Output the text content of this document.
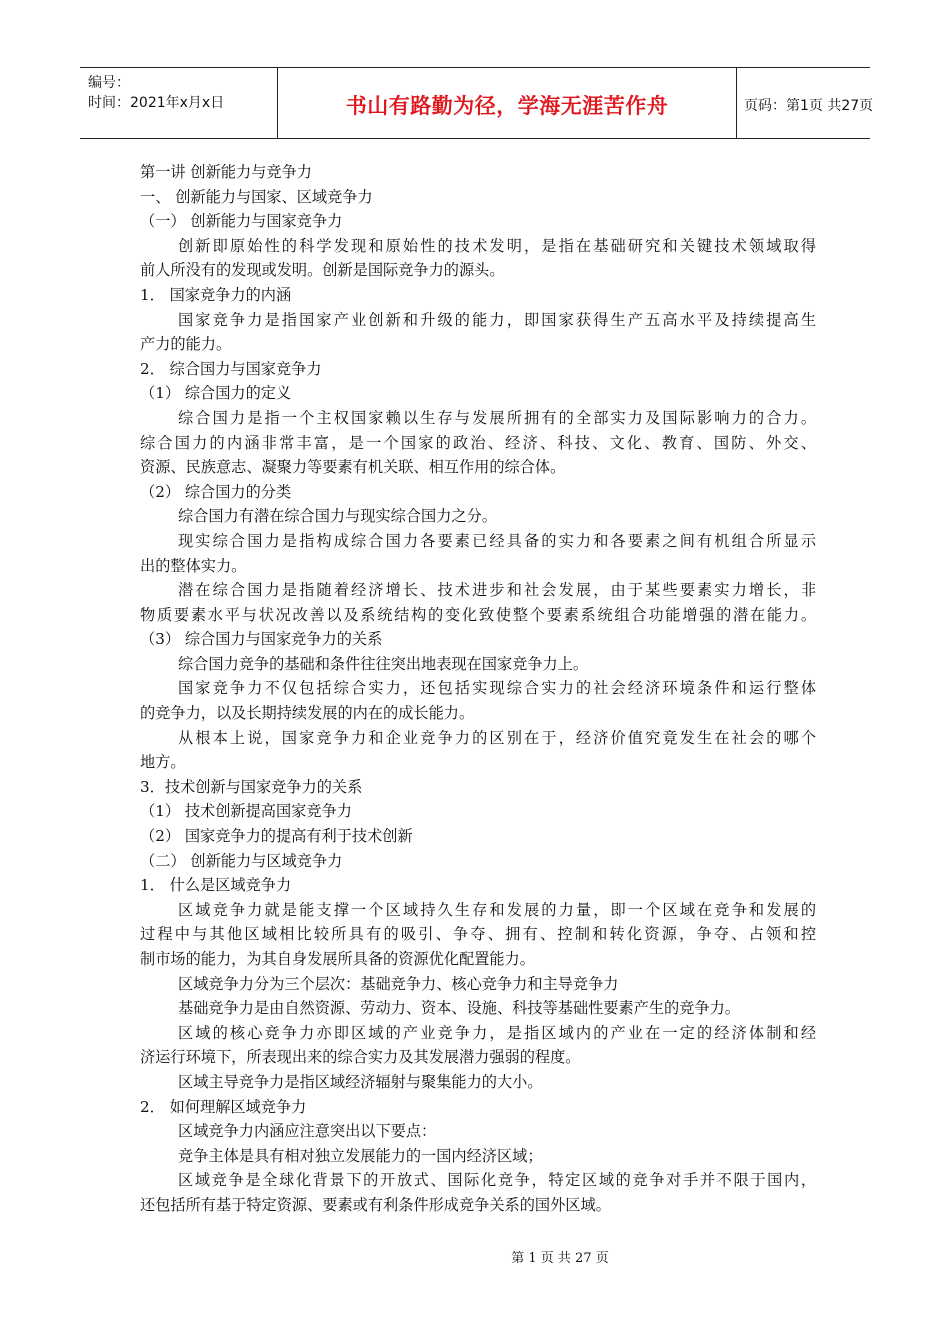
编号：
时间：2021年x月x日	书山有路勤为径，学海无涯苦作舟	页码：第1页 共27页
第一讲 创新能力与竞争力
一、 创新能力与国家、区域竞争力
（一） 创新能力与国家竞争力
创新即原始性的科学发现和原始性的技术发明，是指在基础研究和关键技术领域取得
前人所没有的发现或发明。创新是国际竞争力的源头。
1． 国家竞争力的内涵
国家竞争力是指国家产业创新和升级的能力，即国家获得生产五高水平及持续提高生
产力的能力。
2． 综合国力与国家竞争力
（1） 综合国力的定义
综合国力是指一个主权国家赖以生存与发展所拥有的全部实力及国际影响力的合力。
综合国力的内涵非常丰富，是一个国家的政治、经济、科技、文化、教育、国防、外交、
资源、民族意志、凝聚力等要素有机关联、相互作用的综合体。
（2） 综合国力的分类
综合国力有潜在综合国力与现实综合国力之分。
现实综合国力是指构成综合国力各要素已经具备的实力和各要素之间有机组合所显示
出的整体实力。
潜在综合国力是指随着经济增长、技术进步和社会发展，由于某些要素实力增长，非
物质要素水平与状况改善以及系统结构的变化致使整个要素系统组合功能增强的潜在能力。
（3） 综合国力与国家竞争力的关系
综合国力竞争的基础和条件往往突出地表现在国家竞争力上。
国家竞争力不仅包括综合实力，还包括实现综合实力的社会经济环境条件和运行整体
的竞争力，以及长期持续发展的内在的成长能力。
从根本上说，国家竞争力和企业竞争力的区别在于，经济价值究竟发生在社会的哪个
地方。
3．技术创新与国家竞争力的关系
（1） 技术创新提高国家竞争力
（2） 国家竞争力的提高有利于技术创新
（二） 创新能力与区域竞争力
1． 什么是区域竞争力
区域竞争力就是能支撑一个区域持久生存和发展的力量，即一个区域在竞争和发展的
过程中与其他区域相比较所具有的吸引、争夺、拥有、控制和转化资源，争夺、占领和控
制市场的能力，为其自身发展所具备的资源优化配置能力。
区域竞争力分为三个层次：基础竞争力、核心竞争力和主导竞争力
基础竞争力是由自然资源、劳动力、资本、设施、科技等基础性要素产生的竞争力。
区域的核心竞争力亦即区域的产业竞争力，是指区域内的产业在一定的经济体制和经
济运行环境下，所表现出来的综合实力及其发展潜力强弱的程度。
区域主导竞争力是指区域经济辐射与聚集能力的大小。
2． 如何理解区域竞争力
区域竞争力内涵应注意突出以下要点：
竞争主体是具有相对独立发展能力的一国内经济区域；
区域竞争是全球化背景下的开放式、国际化竞争，特定区域的竞争对手并不限于国内，
还包括所有基于特定资源、要素或有利条件形成竞争关系的国外区域。
第 1 页 共 27 页
